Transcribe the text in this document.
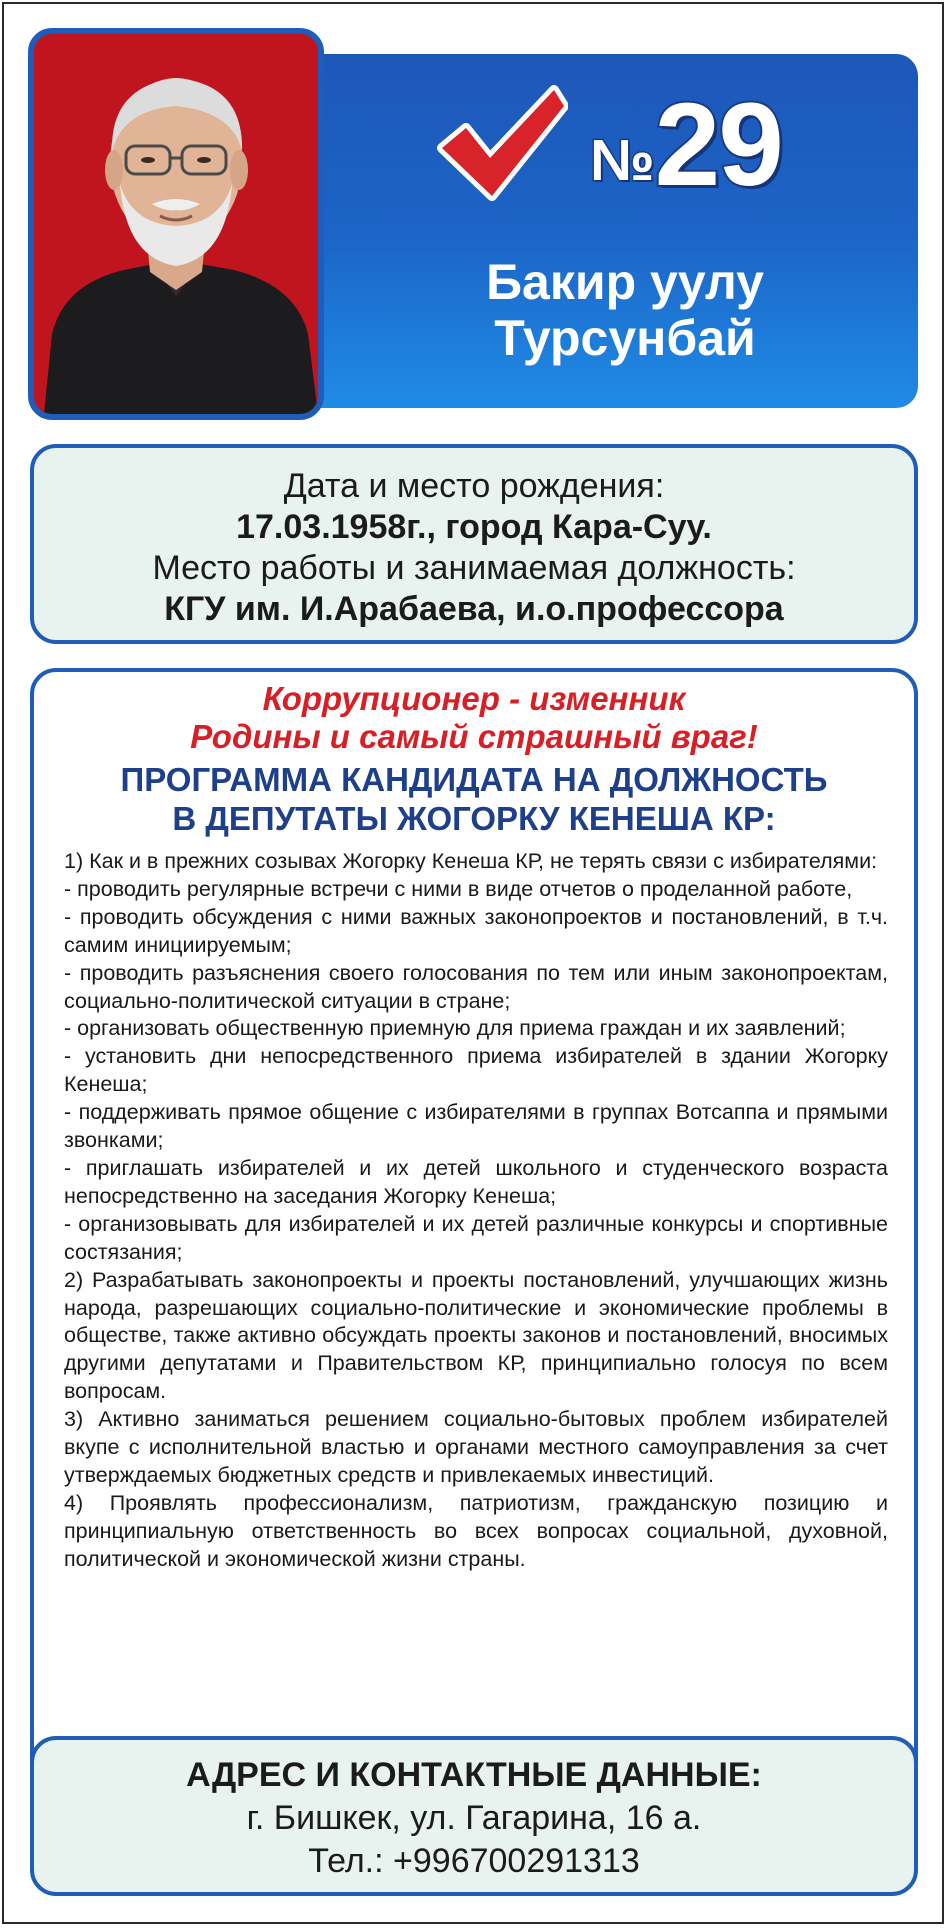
№ 29
Бакир уулу
Турсунбай
Дата и место рождения:
17.03.1958г., город Кара-Суу.
Место работы и занимаемая должность:
КГУ им. И.Арабаева, и.о.профессора
Коррупционер - изменник
Родины и самый страшный враг!
ПРОГРАММА КАНДИДАТА НА ДОЛЖНОСТЬ
В ДЕПУТАТЫ ЖОГОРКУ КЕНЕША КР:

1) Как и в прежних созывах Жогорку Кенеша КР, не терять связи с избирателями:

- проводить регулярные встречи с ними в виде отчетов о проделанной работе,

- проводить обсуждения с ними важных законопроектов и постановлений, в т.ч. самим инициируемым;

- проводить разъяснения своего голосования по тем или иным законопроектам, социально-политической ситуации в стране;

- организовать общественную приемную для приема граждан и их заявлений;

- установить дни непосредственного приема избирателей в здании Жогорку Кенеша;

- поддерживать прямое общение с избирателями в группах Вотсаппа и прямыми звонками;

- приглашать избирателей и их детей школьного и студенческого возраста непосредственно на заседания Жогорку Кенеша;

- организовывать для избирателей и их детей различные конкурсы и спортивные состязания;

2) Разрабатывать законопроекты и проекты постановлений, улучшающих жизнь народа, разрешающих социально-политические и экономические проблемы в обществе, также активно обсуждать проекты законов и постановлений, вносимых другими депутатами и Правительством КР, принципиально голосуя по всем вопросам.

3) Активно заниматься решением социально-бытовых проблем избирателей вкупе с исполнительной властью и органами местного самоуправления за счет утверждаемых бюджетных средств и привлекаемых инвестиций.

4) Проявлять профессионализм, патриотизм, гражданскую позицию и принципиальную ответственность во всех вопросах социальной, духовной, политической и экономической жизни страны.

АДРЕС И КОНТАКТНЫЕ ДАННЫЕ:
г. Бишкек, ул. Гагарина, 16 а.
Тел.: +996700291313
